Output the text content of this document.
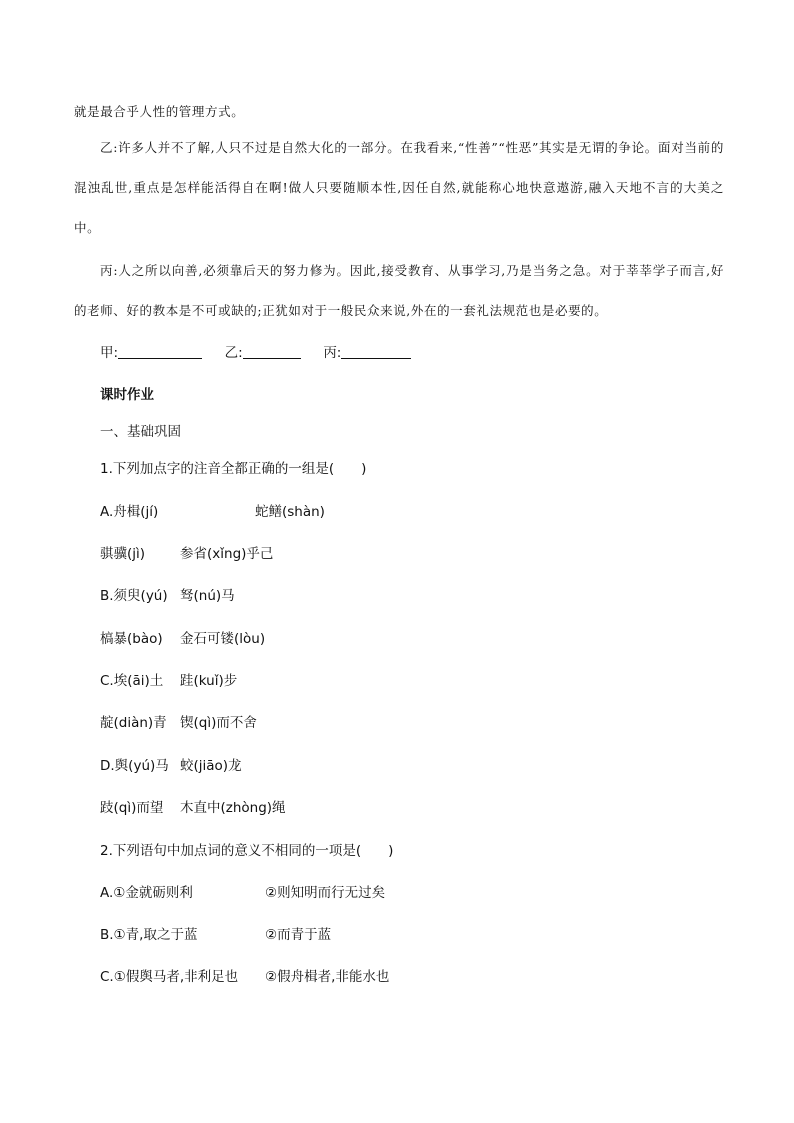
就是最合乎人性的管理方式。

乙:许多人并不了解,人只不过是自然大化的一部分。在我看来,“性善”“性恶”其实是无谓的争论。面对当前的混浊乱世,重点是怎样能活得自在啊!做人只要随顺本性,因任自然,就能称心地快意遨游,融入天地不言的大美之中。

丙:人之所以向善,必须靠后天的努力修为。因此,接受教育、从事学习,乃是当务之急。对于莘莘学子而言,好的老师、好的教本是不可或缺的;正犹如对于一般民众来说,外在的一套礼法规范也是必要的。

甲:	乙:	丙:
课时作业
一、基础巩固
1.下列加点字的注音全都正确的一组是(　　)
A.舟楫(jí)	蛇鳝(shàn)
骐骥(jì)	参省(xǐng)乎己
B.须臾(yú) 驽(nú)马
槁暴(bào) 金石可镂(lòu)
C.埃(āi)土 跬(kuǐ)步
靛(diàn)青 锲(qì)而不舍
D.舆(yú)马 蛟(jiāo)龙
跂(qì)而望 木直中(zhòng)绳
2.下列语句中加点词的意义不相同的一项是(　　)
A.①金就砺则利	②则知明而行无过矣
B.①青,取之于蓝	②而青于蓝
C.①假舆马者,非利足也 ②假舟楫者,非能水也
